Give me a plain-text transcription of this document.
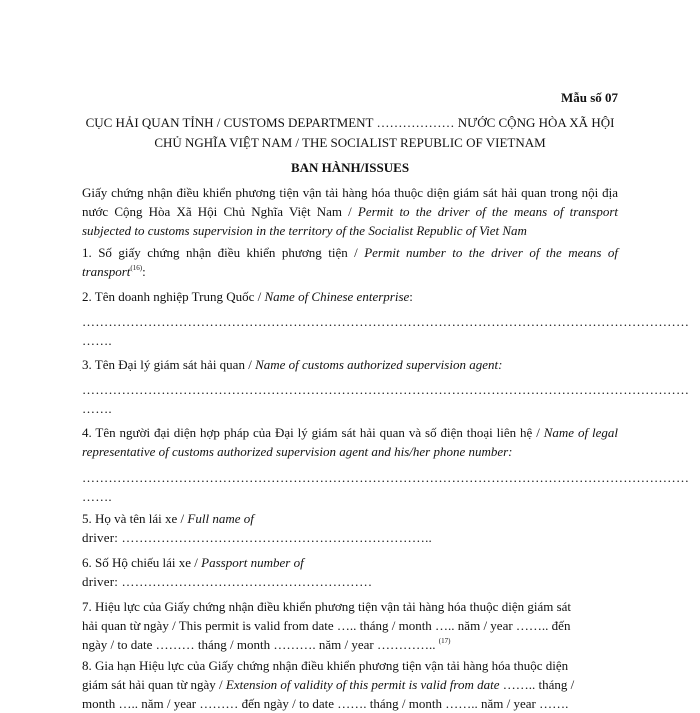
Mẫu số 07
CỤC HẢI QUAN TỈNH / CUSTOMS DEPARTMENT ……………… NƯỚC CỘNG HÒA XÃ HỘI CHỦ NGHĨA VIỆT NAM / THE SOCIALIST REPUBLIC OF VIETNAM
BAN HÀNH/ISSUES
Giấy chứng nhận điều khiển phương tiện vận tải hàng hóa thuộc diện giám sát hải quan trong nội địa nước Cộng Hòa Xã Hội Chủ Nghĩa Việt Nam / Permit to the driver of the means of transport subjected to customs supervision in the territory of the Socialist Republic of Viet Nam
1. Số giấy chứng nhận điều khiển phương tiện / Permit number to the driver of the means of transport$^{(16)}$:
2. Tên doanh nghiệp Trung Quốc / Name of Chinese enterprise:
…………………………………………………………………………………………………………………………
…….
3. Tên Đại lý giám sát hải quan / Name of customs authorized supervision agent:
…………………………………………………………………………………………………………………………
…….
4. Tên người đại diện hợp pháp của Đại lý giám sát hải quan và số điện thoại liên hệ / Name of legal representative of customs authorized supervision agent and his/her phone number:
…………………………………………………………………………………………………………………………
…….
5. Họ và tên lái xe / Full name of
driver: ……………………………………………………………..
6. Số Hộ chiếu lái xe / Passport number of
driver: …………………………………………………
7. Hiệu lực của Giấy chứng nhận điều khiển phương tiện vận tải hàng hóa thuộc diện giám sát
hải quan từ ngày / This permit is valid from date ….. tháng / month ….. năm / year …….. đến
ngày / to date ……… tháng / month ………. năm / year ………….. $^{(17)}$
8. Gia hạn Hiệu lực của Giấy chứng nhận điều khiển phương tiện vận tải hàng hóa thuộc diện
giám sát hải quan từ ngày / Extension of validity of this permit is valid from date …….. tháng /
month ….. năm / year ……… đến ngày / to date ……. tháng / month …….. năm / year …….
